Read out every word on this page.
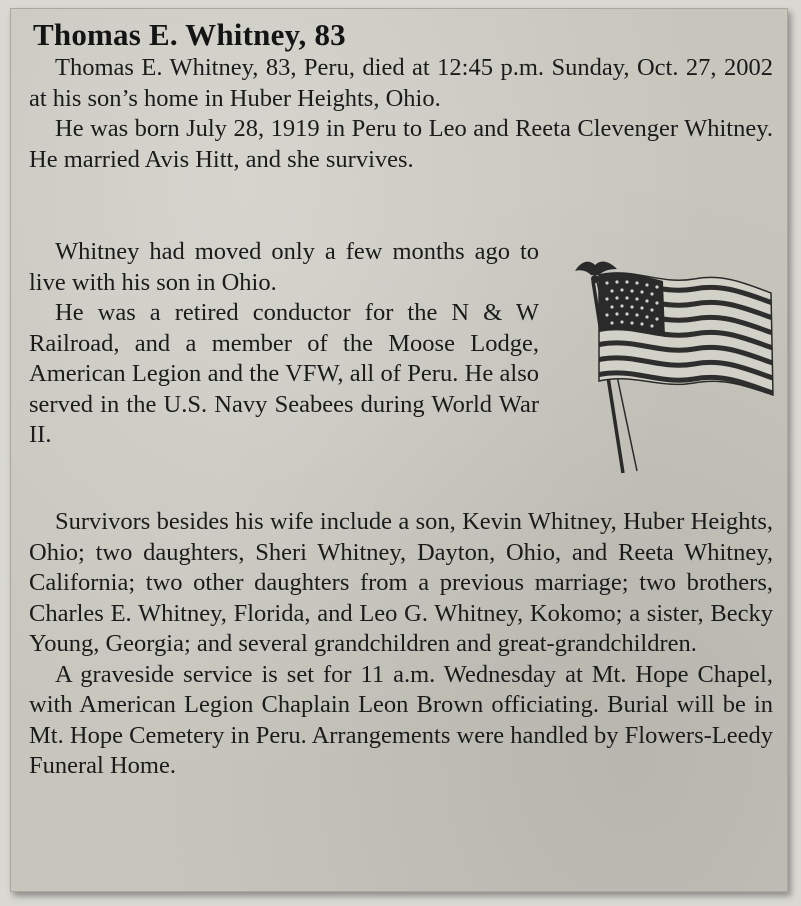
Thomas E. Whitney, 83

Thomas E. Whitney, 83, Peru, died at 12:45 p.m. Sunday, Oct. 27, 2002 at his son’s home in Huber Heights, Ohio.

He was born July 28, 1919 in Peru to Leo and Reeta Clevenger Whitney. He married Avis Hitt, and she survives.

Whitney had moved only a few months ago to live with his son in Ohio.

He was a retired conductor for the N & W Railroad, and a member of the Moose Lodge, American Legion and the VFW, all of Peru. He also served in the U.S. Navy Seabees during World War II.

Survivors besides his wife include a son, Kevin Whitney, Huber Heights, Ohio; two daughters, Sheri Whitney, Dayton, Ohio, and Reeta Whitney, California; two other daughters from a previous marriage; two brothers, Charles E. Whitney, Florida, and Leo G. Whitney, Kokomo; a sister, Becky Young, Georgia; and several grandchildren and great-grandchildren.

A graveside service is set for 11 a.m. Wednesday at Mt. Hope Chapel, with American Legion Chaplain Leon Brown officiating. Burial will be in Mt. Hope Cemetery in Peru. Arrangements were handled by Flowers-Leedy Funeral Home.
